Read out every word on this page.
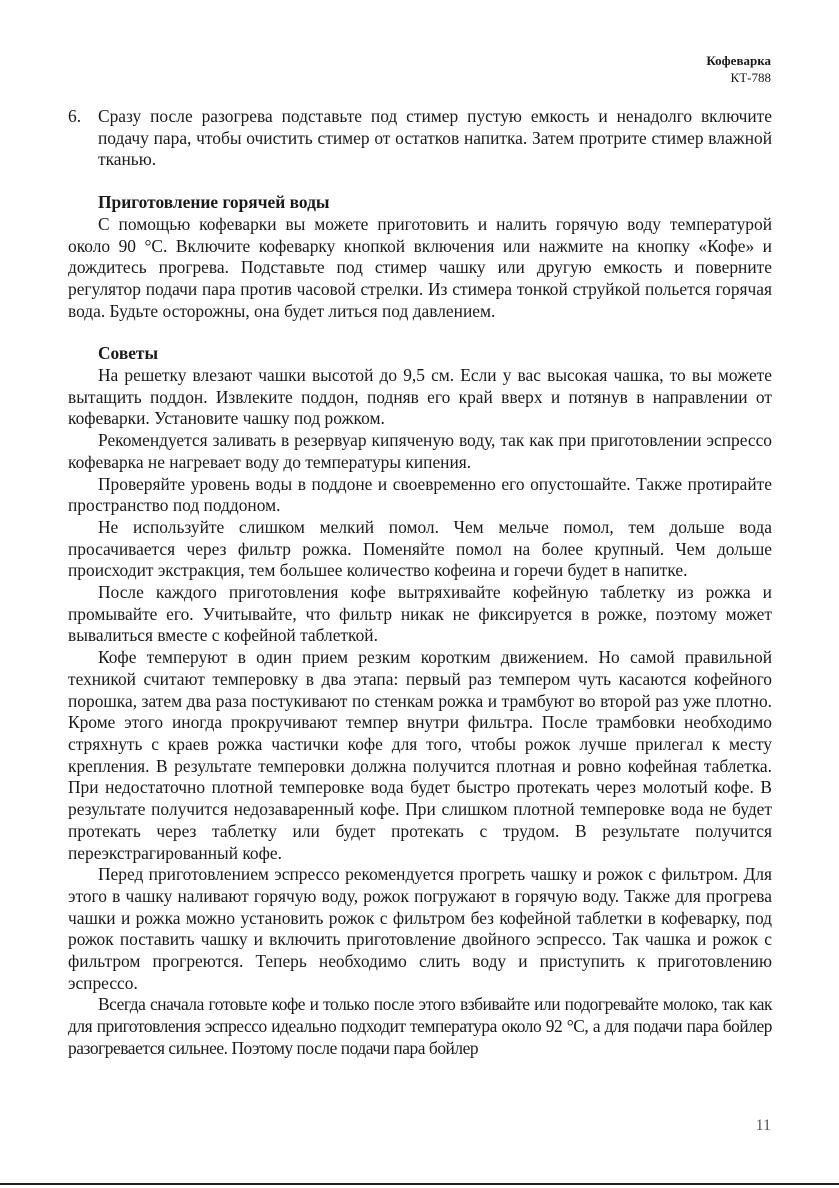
Кофеварка
КТ-788
6. Сразу после разогрева подставьте под стимер пустую емкость и ненадолго включите подачу пара, чтобы очистить стимер от остатков напитка. Затем протрите стимер влажной тканью.
Приготовление горячей воды

С помощью кофеварки вы можете приготовить и налить горячую воду температурой около 90 °С. Включите кофеварку кнопкой включения или нажмите на кнопку «Кофе» и дождитесь прогрева. Подставьте под стимер чашку или другую емкость и поверните регулятор подачи пара против часовой стрелки. Из стимера тонкой струйкой польется горячая вода. Будьте осторожны, она будет литься под давлением.

Советы

На решетку влезают чашки высотой до 9,5 см. Если у вас высокая чашка, то вы можете вытащить поддон. Извлеките поддон, подняв его край вверх и потянув в направлении от кофеварки. Установите чашку под рожком.

Рекомендуется заливать в резервуар кипяченую воду, так как при приготовлении эспрессо кофеварка не нагревает воду до температуры кипения.

Проверяйте уровень воды в поддоне и своевременно его опустошайте. Также протирайте пространство под поддоном.

Не используйте слишком мелкий помол. Чем мельче помол, тем дольше вода просачивается через фильтр рожка. Поменяйте помол на более крупный. Чем дольше происходит экстракция, тем большее количество кофеина и горечи будет в напитке.

После каждого приготовления кофе вытряхивайте кофейную таблетку из рожка и промывайте его. Учитывайте, что фильтр никак не фиксируется в рожке, поэтому может вывалиться вместе с кофейной таблеткой.

Кофе темперуют в один прием резким коротким движением. Но самой правильной техникой считают темперовку в два этапа: первый раз темпером чуть касаются кофейного порошка, затем два раза постукивают по стенкам рожка и трамбуют во второй раз уже плотно. Кроме этого иногда прокручивают темпер внутри фильтра. После трамбовки необходимо стряхнуть с краев рожка частички кофе для того, чтобы рожок лучше прилегал к месту крепления. В результате темперовки должна получится плотная и ровно кофейная таблетка. При недостаточно плотной темперовке вода будет быстро протекать через молотый кофе. В результате получится недозаваренный кофе. При слишком плотной темперовке вода не будет протекать через таблетку или будет протекать с трудом. В результате получится переэкстрагированный кофе.

Перед приготовлением эспрессо рекомендуется прогреть чашку и рожок с фильтром. Для этого в чашку наливают горячую воду, рожок погружают в горячую воду. Также для прогрева чашки и рожка можно установить рожок с фильтром без кофейной таблетки в кофеварку, под рожок поставить чашку и включить приготовление двойного эспрессо. Так чашка и рожок с фильтром прогреются. Теперь необходимо слить воду и приступить к приготовлению эспрессо.

Всегда сначала готовьте кофе и только после этого взбивайте или подогревайте молоко, так как для приготовления эспрессо идеально подходит температура около 92 °С, а для подачи пара бойлер разогревается сильнее. Поэтому после подачи пара бойлер

11
